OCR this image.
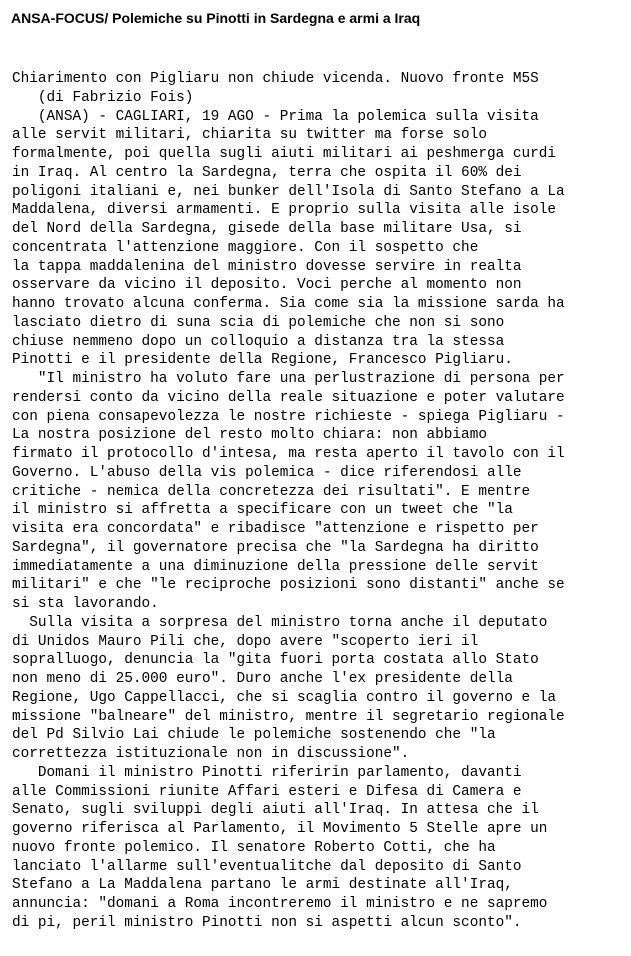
ANSA-FOCUS/ Polemiche su Pinotti in Sardegna e armi a Iraq
Chiarimento con Pigliaru non chiude vicenda. Nuovo fronte M5S
(di Fabrizio Fois)
(ANSA) - CAGLIARI, 19 AGO - Prima la polemica sulla visita
alle servit militari, chiarita su twitter ma forse solo
formalmente, poi quella sugli aiuti militari ai peshmerga curdi
in Iraq. Al centro la Sardegna, terra che ospita il 60% dei
poligoni italiani e, nei bunker dell'Isola di Santo Stefano a La
Maddalena, diversi armamenti. E proprio sulla visita alle isole
del Nord della Sardegna, gisede della base militare Usa, si
concentrata l'attenzione maggiore. Con il sospetto che
la tappa maddalenina del ministro dovesse servire in realta
osservare da vicino il deposito. Voci perche al momento non
hanno trovato alcuna conferma. Sia come sia la missione sarda ha
lasciato dietro di suna scia di polemiche che non si sono
chiuse nemmeno dopo un colloquio a distanza tra la stessa
Pinotti e il presidente della Regione, Francesco Pigliaru.
"Il ministro ha voluto fare una perlustrazione di persona per
rendersi conto da vicino della reale situazione e poter valutare
con piena consapevolezza le nostre richieste - spiega Pigliaru -
La nostra posizione del resto molto chiara: non abbiamo
firmato il protocollo d'intesa, ma resta aperto il tavolo con il
Governo. L'abuso della vis polemica - dice riferendosi alle
critiche - nemica della concretezza dei risultati". E mentre
il ministro si affretta a specificare con un tweet che "la
visita era concordata" e ribadisce "attenzione e rispetto per
Sardegna", il governatore precisa che "la Sardegna ha diritto
immediatamente a una diminuzione della pressione delle servit
militari" e che "le reciproche posizioni sono distanti" anche se
si sta lavorando.
Sulla visita a sorpresa del ministro torna anche il deputato
di Unidos Mauro Pili che, dopo avere "scoperto ieri il
sopralluogo, denuncia la "gita fuori porta costata allo Stato
non meno di 25.000 euro". Duro anche l'ex presidente della
Regione, Ugo Cappellacci, che si scaglia contro il governo e la
missione "balneare" del ministro, mentre il segretario regionale
del Pd Silvio Lai chiude le polemiche sostenendo che "la
correttezza istituzionale non in discussione".
Domani il ministro Pinotti riferirin parlamento, davanti
alle Commissioni riunite Affari esteri e Difesa di Camera e
Senato, sugli sviluppi degli aiuti all'Iraq. In attesa che il
governo riferisca al Parlamento, il Movimento 5 Stelle apre un
nuovo fronte polemico. Il senatore Roberto Cotti, che ha
lanciato l'allarme sull'eventualitche dal deposito di Santo
Stefano a La Maddalena partano le armi destinate all'Iraq,
annuncia: "domani a Roma incontreremo il ministro e ne sapremo
di pi, peril ministro Pinotti non si aspetti alcun sconto".
